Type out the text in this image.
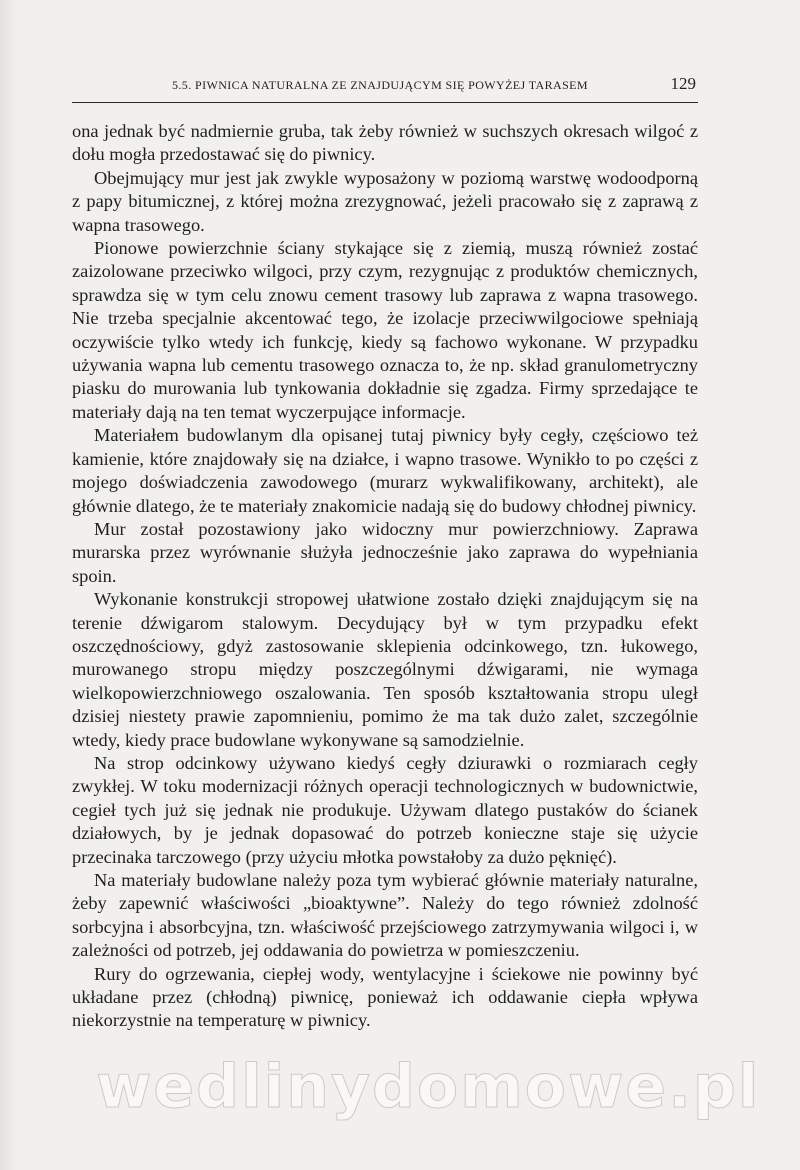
5.5. PIWNICA NATURALNA ZE ZNAJDUJĄCYM SIĘ POWYŻEJ TARASEM	129

ona jednak być nadmiernie gruba, tak żeby również w suchszych okresach wilgoć z dołu mogła przedostawać się do piwnicy.

Obejmujący mur jest jak zwykle wyposażony w poziomą warstwę wodoodporną z papy bitumicznej, z której można zrezygnować, jeżeli pracowało się z zaprawą z wapna trasowego.

Pionowe powierzchnie ściany stykające się z ziemią, muszą również zostać zaizolowane przeciwko wilgoci, przy czym, rezygnując z produktów chemicznych, sprawdza się w tym celu znowu cement trasowy lub zaprawa z wapna trasowego. Nie trzeba specjalnie akcentować tego, że izolacje przeciwwilgociowe spełniają oczywiście tylko wtedy ich funkcję, kiedy są fachowo wykonane. W przypadku używania wapna lub cementu trasowego oznacza to, że np. skład granulometryczny piasku do murowania lub tynkowania dokładnie się zgadza. Firmy sprzedające te materiały dają na ten temat wyczerpujące informacje.

Materiałem budowlanym dla opisanej tutaj piwnicy były cegły, częściowo też kamienie, które znajdowały się na działce, i wapno trasowe. Wynikło to po części z mojego doświadczenia zawodowego (murarz wykwalifikowany, architekt), ale głównie dlatego, że te materiały znakomicie nadają się do budowy chłodnej piwnicy.

Mur został pozostawiony jako widoczny mur powierzchniowy. Zaprawa murarska przez wyrównanie służyła jednocześnie jako zaprawa do wypełniania spoin.

Wykonanie konstrukcji stropowej ułatwione zostało dzięki znajdującym się na terenie dźwigarom stalowym. Decydujący był w tym przypadku efekt oszczędnościowy, gdyż zastosowanie sklepienia odcinkowego, tzn. łukowego, murowanego stropu między poszczególnymi dźwigarami, nie wymaga wielkopowierzchniowego oszalowania. Ten sposób kształtowania stropu uległ dzisiej niestety prawie zapomnieniu, pomimo że ma tak dużo zalet, szczególnie wtedy, kiedy prace budowlane wykonywane są samodzielnie.

Na strop odcinkowy używano kiedyś cegły dziurawki o rozmiarach cegły zwykłej. W toku modernizacji różnych operacji technologicznych w budownictwie, cegieł tych już się jednak nie produkuje. Używam dlatego pustaków do ścianek działowych, by je jednak dopasować do potrzeb konieczne staje się użycie przecinaka tarczowego (przy użyciu młotka powstałoby za dużo pęknięć).

Na materiały budowlane należy poza tym wybierać głównie materiały naturalne, żeby zapewnić właściwości „bioaktywne”. Należy do tego również zdolność sorbcyjna i absorbcyjna, tzn. właściwość przejściowego zatrzymywania wilgoci i, w zależności od potrzeb, jej oddawania do powietrza w pomieszczeniu.

Rury do ogrzewania, ciepłej wody, wentylacyjne i ściekowe nie powinny być układane przez (chłodną) piwnicę, ponieważ ich oddawanie ciepła wpływa niekorzystnie na temperaturę w piwnicy.

wedlinydomowe.pl
